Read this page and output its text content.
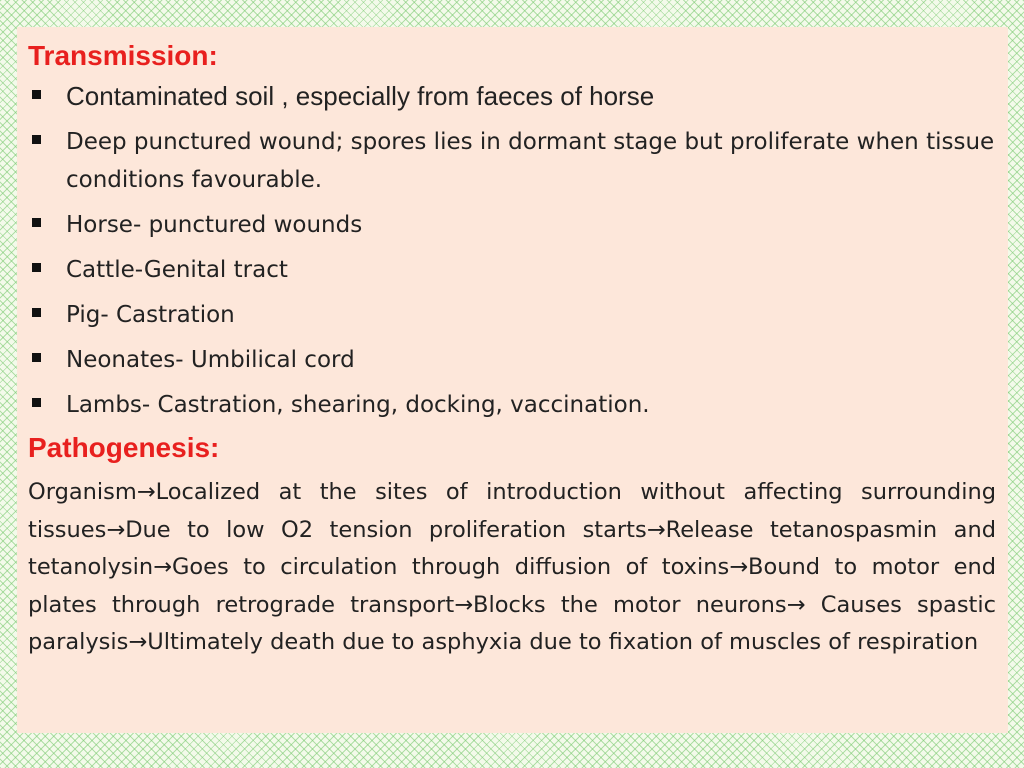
Transmission:
Contaminated soil , especially from faeces of horse
Deep punctured wound; spores lies in dormant stage but proliferate when tissue conditions favourable.
Horse- punctured wounds
Cattle-Genital tract
Pig- Castration
Neonates- Umbilical cord
Lambs- Castration, shearing, docking, vaccination.
Pathogenesis:

Organism→Localized at the sites of introduction without affecting surrounding tissues→Due to low O2 tension proliferation starts→Release tetanospasmin and tetanolysin→Goes to circulation through diffusion of toxins→Bound to motor end plates through retrograde transport→Blocks the motor neurons→ Causes spastic paralysis→Ultimately death due to asphyxia due to fixation of muscles of respiration
